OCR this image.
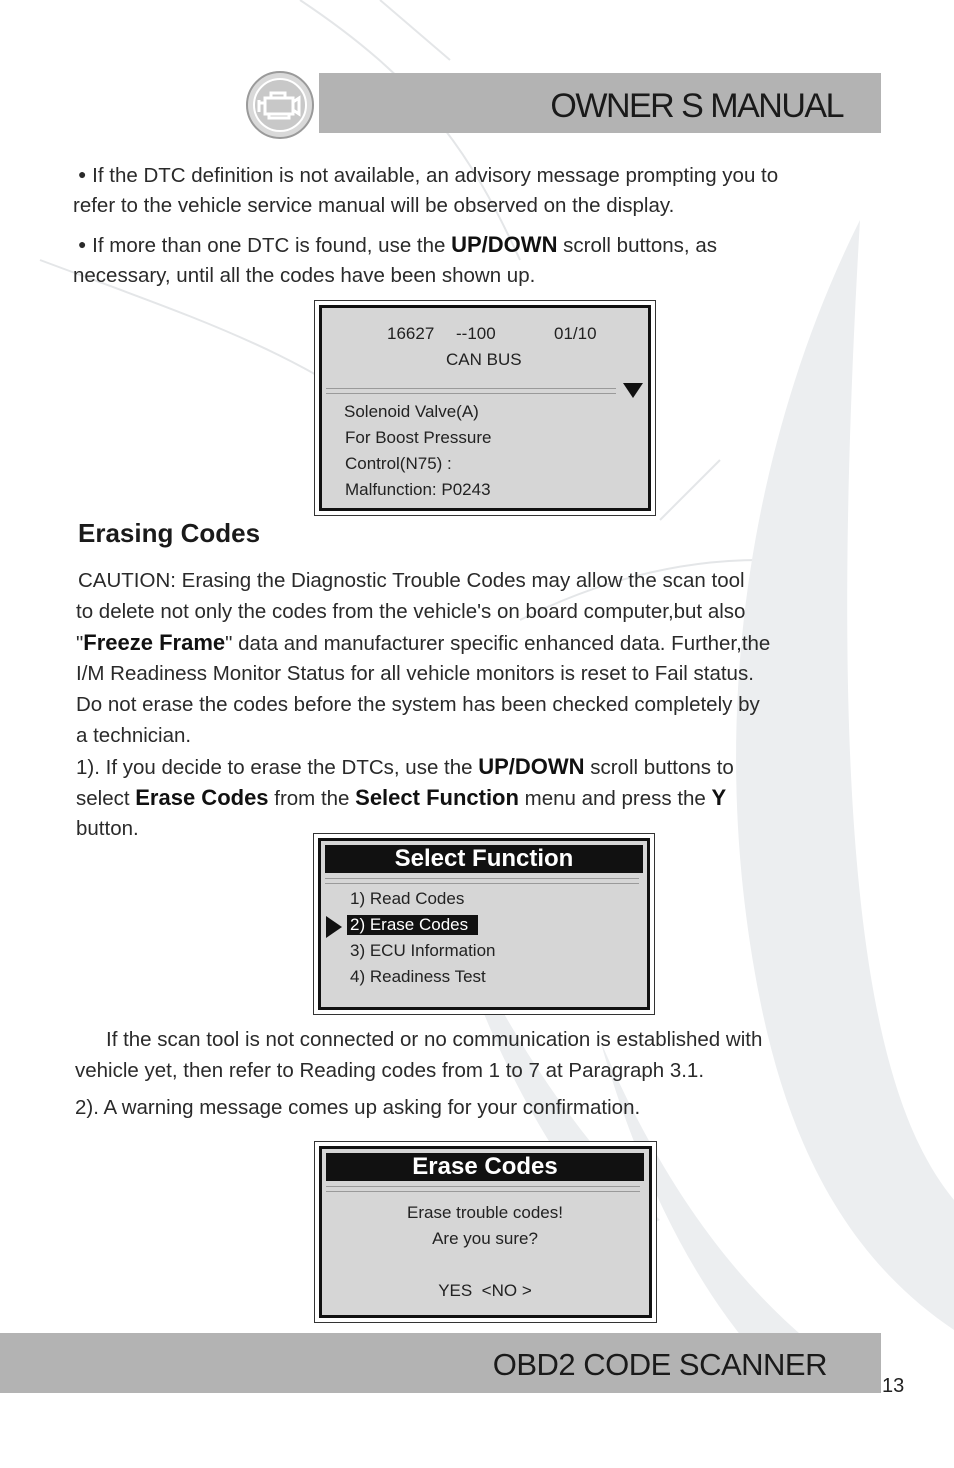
OWNER S MANUAL
● If the DTC definition is not available, an advisory message prompting you to
refer to the vehicle service manual will be observed on the display.
● If more than one DTC is found, use the UP/DOWN scroll buttons, as
necessary, until all the codes have been shown up.
16627 --100	01/10
CAN BUS
Solenoid Valve(A)
For Boost Pressure
Control(N75) :
Malfunction: P0243
Erasing Codes
CAUTION: Erasing the Diagnostic Trouble Codes may allow the scan tool
to delete not only the codes from the vehicle's on board computer,but also
"Freeze Frame" data and manufacturer specific enhanced data. Further,the
I/M Readiness Monitor Status for all vehicle monitors is reset to Fail status.
Do not erase the codes before the system has been checked completely by
a technician.
1). If you decide to erase the DTCs, use the UP/DOWN scroll buttons to
select Erase Codes from the Select Function menu and press the Y
button.
Select Function
1) Read Codes
2) Erase Codes
3) ECU Information
4) Readiness Test
If the scan tool is not connected or no communication is established with
vehicle yet, then refer to Reading codes from 1 to 7 at Paragraph 3.1.
2). A warning message comes up asking for your confirmation.
Erase Codes
Erase trouble codes!
Are you sure?
YES  <NO >
OBD2 CODE SCANNER
13
